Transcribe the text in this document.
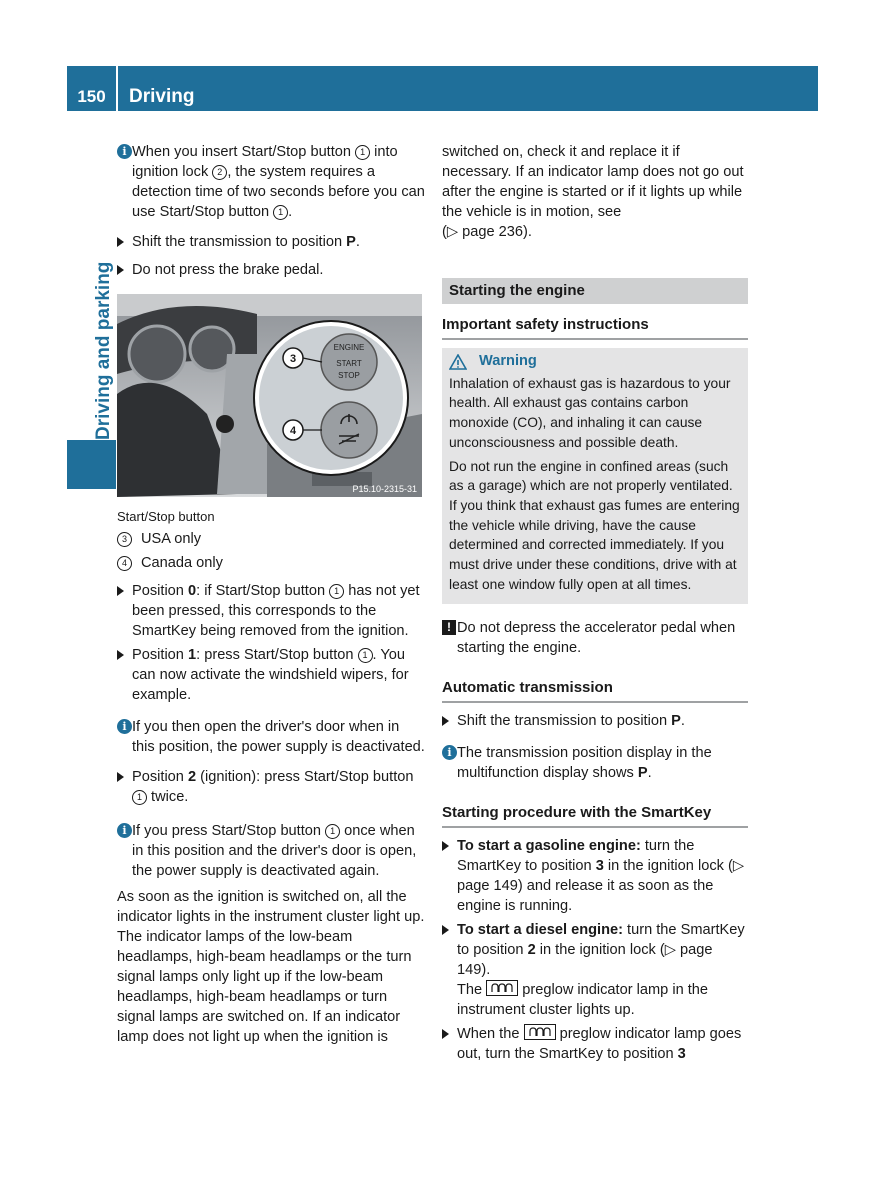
150	Driving
Driving and parking
i When you insert Start/Stop button 1 into ignition lock 2 , the system requires a detection time of two seconds before you can use Start/Stop button 1 .
Shift the transmission to position P.
Do not press the brake pedal.
ENGINE
START
STOP
3
4
P15.10-2315-31
Start/Stop button
3 USA only
4 Canada only
Position 0: if Start/Stop button 1 has not yet been pressed, this corresponds to the SmartKey being removed from the ignition.
Position 1: press Start/Stop button 1 . You can now activate the windshield wipers, for example.
i If you then open the driver's door when in this position, the power supply is deactivated.
Position 2 (ignition): press Start/Stop button 1 twice.
i If you press Start/Stop button 1 once when in this position and the driver's door is open, the power supply is deactivated again.

As soon as the ignition is switched on, all the indicator lights in the instrument cluster light up. The indicator lamps of the low-beam headlamps, high-beam headlamps or the turn signal lamps only light up if the low-beam headlamps, high-beam headlamps or turn signal lamps are switched on. If an indicator lamp does not light up when the ignition is

switched on, check it and replace it if necessary. If an indicator lamp does not go out after the engine is started or if it lights up while the vehicle is in motion, see

(▷ page 236).

Starting the engine
Important safety instructions
Warning

Inhalation of exhaust gas is hazardous to your health. All exhaust gas contains carbon monoxide (CO), and inhaling it can cause unconsciousness and possible death.

Do not run the engine in confined areas (such as a garage) which are not properly ventilated. If you think that exhaust gas fumes are entering the vehicle while driving, have the cause determined and corrected immediately. If you must drive under these conditions, drive with at least one window fully open at all times.

! Do not depress the accelerator pedal when starting the engine.
Automatic transmission
Shift the transmission to position P.
i The transmission position display in the multifunction display shows P.
Starting procedure with the SmartKey
To start a gasoline engine: turn the SmartKey to position 3 in the ignition lock (▷ page 149) and release it as soon as the engine is running.
To start a diesel engine: turn the SmartKey to position 2 in the ignition lock (▷ page 149).
The
preglow indicator lamp in the instrument cluster lights up.
When the
preglow indicator lamp goes out, turn the SmartKey to position 3
